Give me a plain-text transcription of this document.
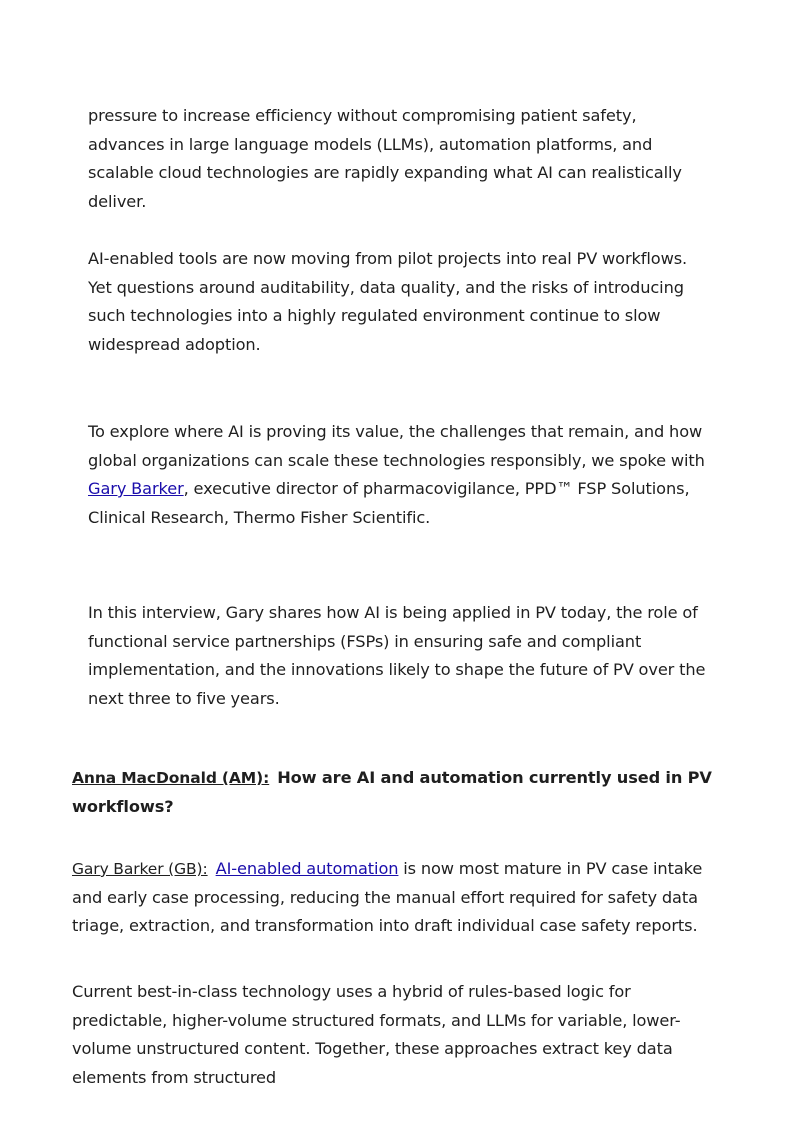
pressure to increase efficiency without compromising patient safety, advances in large language models (LLMs), automation platforms, and scalable cloud technologies are rapidly expanding what AI can realistically deliver.

AI-enabled tools are now moving from pilot projects into real PV workflows. Yet questions around auditability, data quality, and the risks of introducing such technologies into a highly regulated environment continue to slow widespread adoption.

To explore where AI is proving its value, the challenges that remain, and how global organizations can scale these technologies responsibly, we spoke with Gary Barker, executive director of pharmacovigilance, PPD™ FSP Solutions, Clinical Research, Thermo Fisher Scientific.

In this interview, Gary shares how AI is being applied in PV today, the role of functional service partnerships (FSPs) in ensuring safe and compliant implementation, and the innovations likely to shape the future of PV over the next three to five years.

Anna MacDonald (AM): How are AI and automation currently used in PV workflows?

Gary Barker (GB): AI-enabled automation is now most mature in PV case intake and early case processing, reducing the manual effort required for safety data triage, extraction, and transformation into draft individual case safety reports.

Current best-in-class technology uses a hybrid of rules-based logic for predictable, higher-volume structured formats, and LLMs for variable, lower-volume unstructured content. Together, these approaches extract key data elements from structured
